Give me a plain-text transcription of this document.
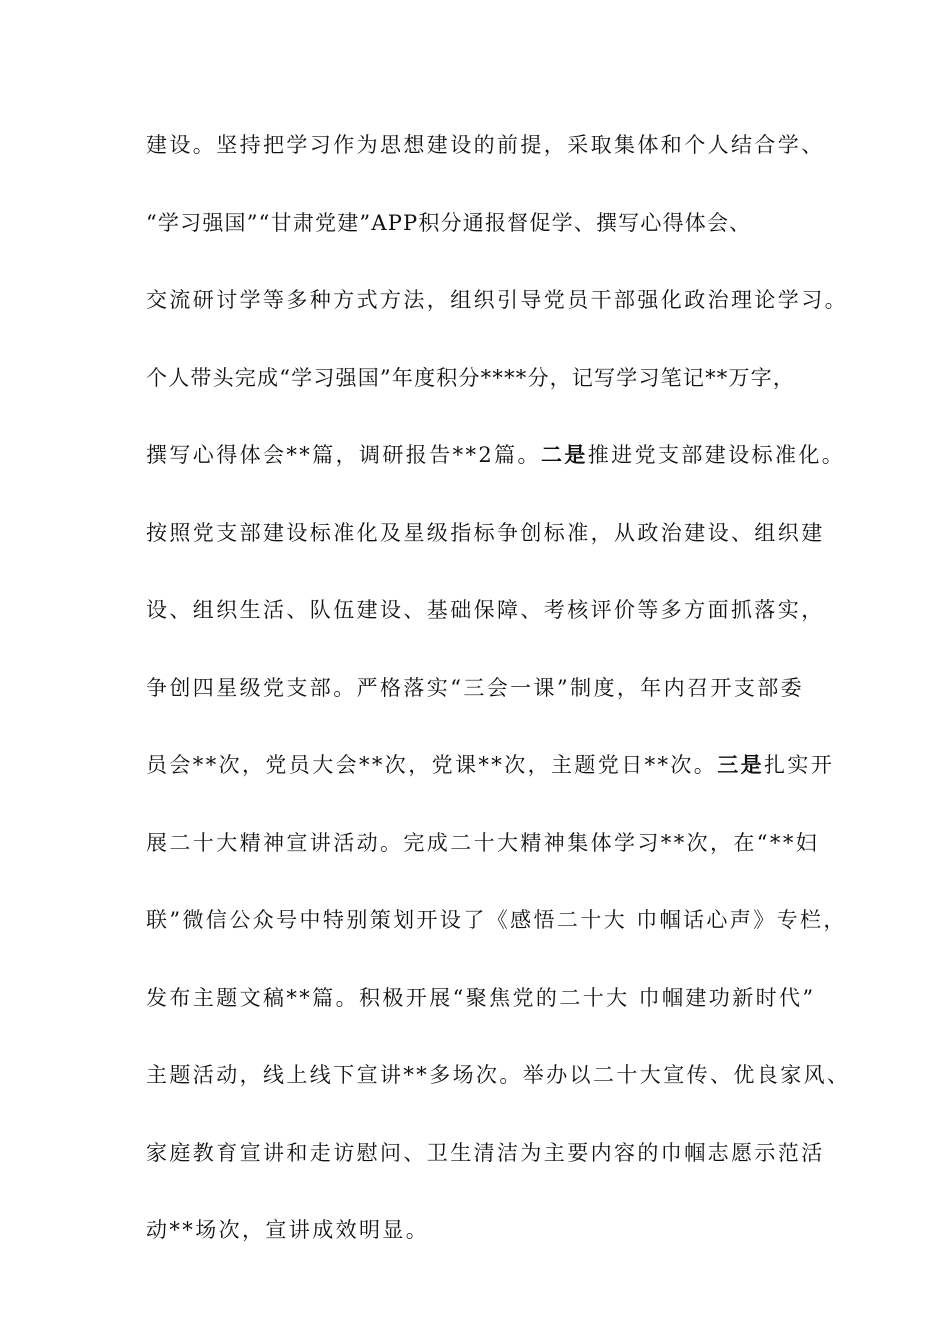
建设。坚持把学习作为思想建设的前提，采取集体和个人结合学、

“学习强国”“甘肃党建”APP积分通报督促学、撰写心得体会、

交流研讨学等多种方式方法，组织引导党员干部强化政治理论学习。

个人带头完成“学习强国”年度积分****分，记写学习笔记**万字，

撰写心得体会**篇，调研报告**2篇。二是推进党支部建设标准化。

按照党支部建设标准化及星级指标争创标准，从政治建设、组织建

设、组织生活、队伍建设、基础保障、考核评价等多方面抓落实，

争创四星级党支部。严格落实“三会一课”制度，年内召开支部委

员会**次，党员大会**次，党课**次，主题党日**次。三是扎实开

展二十大精神宣讲活动。完成二十大精神集体学习**次，在“**妇

联”微信公众号中特别策划开设了《感悟二十大 巾帼话心声》专栏，

发布主题文稿**篇。积极开展“聚焦党的二十大 巾帼建功新时代”

主题活动，线上线下宣讲**多场次。举办以二十大宣传、优良家风、

家庭教育宣讲和走访慰问、卫生清洁为主要内容的巾帼志愿示范活

动**场次，宣讲成效明显。
